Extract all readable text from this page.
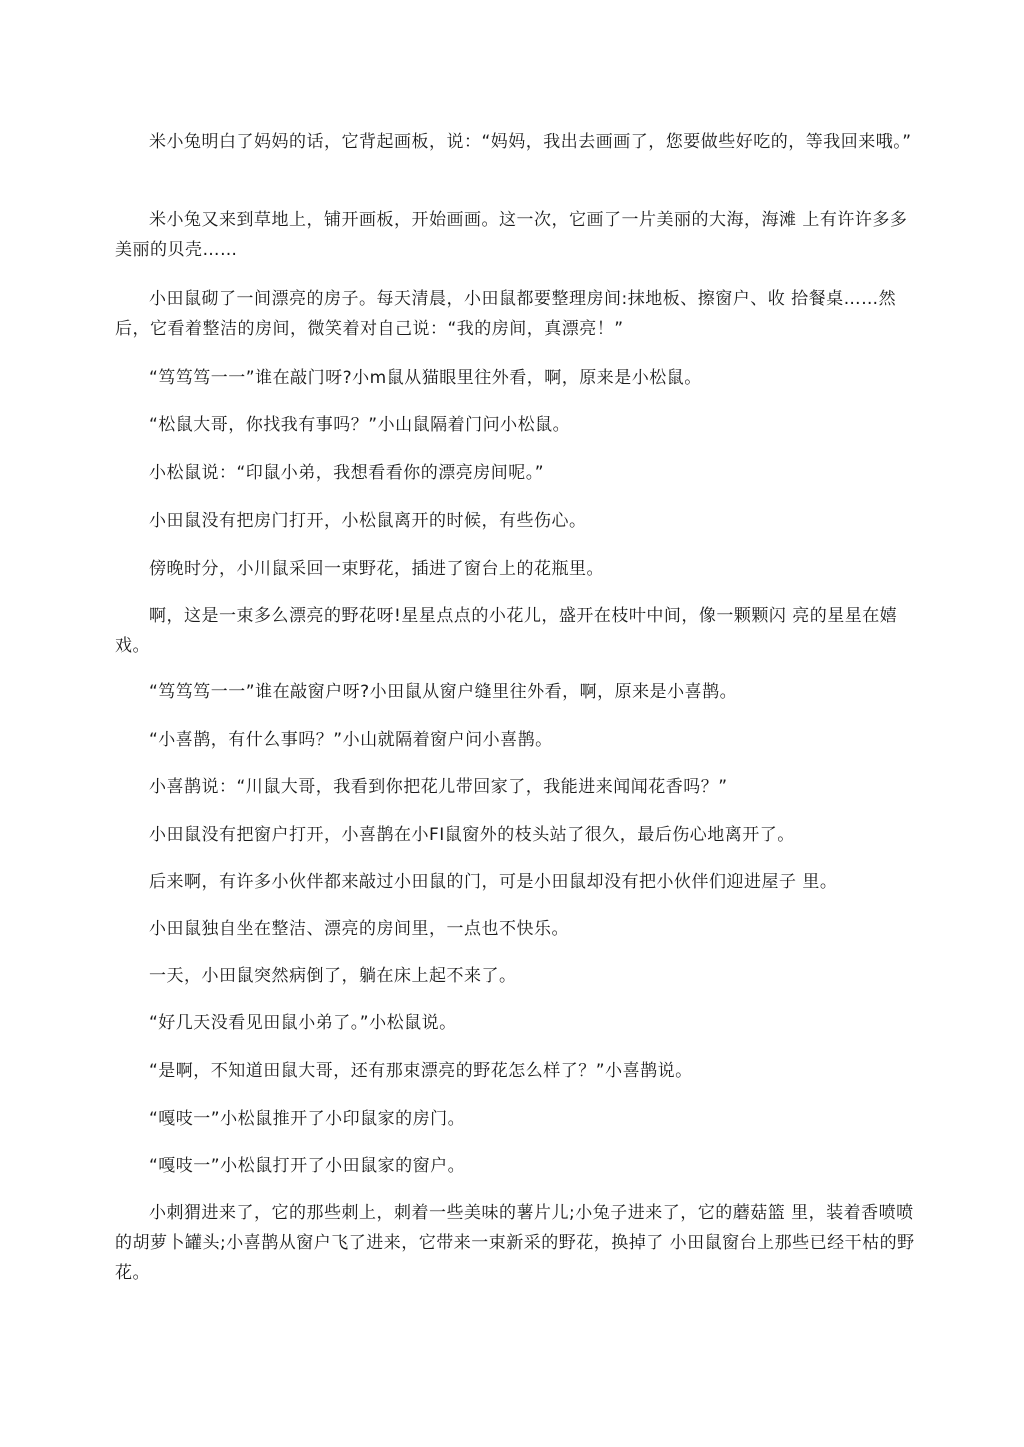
米小兔明白了妈妈的话，它背起画板，说：“妈妈，我出去画画了，您要做些好吃的，等我回来哦。”

米小兔又来到草地上，铺开画板，开始画画。这一次，它画了一片美丽的大海，海滩 上有许许多多美丽的贝壳……

小田鼠砌了一间漂亮的房子。每天清晨，小田鼠都要整理房间:抹地板、擦窗户、收 拾餐桌……然后，它看着整洁的房间，微笑着对自己说：“我的房间，真漂亮！”

“笃笃笃一一”谁在敲门呀?小m鼠从猫眼里往外看，啊，原来是小松鼠。

“松鼠大哥，你找我有事吗？”小山鼠隔着门问小松鼠。

小松鼠说：“印鼠小弟，我想看看你的漂亮房间呢。”

小田鼠没有把房门打开，小松鼠离开的时候，有些伤心。

傍晚时分，小川鼠采回一束野花，插进了窗台上的花瓶里。

啊，这是一束多么漂亮的野花呀!星星点点的小花儿，盛开在枝叶中间，像一颗颗闪 亮的星星在嬉戏。

“笃笃笃一一”谁在敲窗户呀?小田鼠从窗户缝里往外看，啊，原来是小喜鹊。

“小喜鹊，有什么事吗？”小山就隔着窗户问小喜鹊。

小喜鹊说：“川鼠大哥，我看到你把花儿带回家了，我能进来闻闻花香吗？”

小田鼠没有把窗户打开，小喜鹊在小FI鼠窗外的枝头站了很久，最后伤心地离开了。

后来啊，有许多小伙伴都来敲过小田鼠的门，可是小田鼠却没有把小伙伴们迎进屋子 里。

小田鼠独自坐在整洁、漂亮的房间里，一点也不快乐。

一天，小田鼠突然病倒了，躺在床上起不来了。

“好几天没看见田鼠小弟了。”小松鼠说。

“是啊，不知道田鼠大哥，还有那束漂亮的野花怎么样了？”小喜鹊说。

“嘎吱一”小松鼠推开了小印鼠家的房门。

“嘎吱一”小松鼠打开了小田鼠家的窗户。

小刺猬进来了，它的那些刺上，刺着一些美味的薯片儿;小兔子进来了，它的蘑菇篮 里，装着香喷喷的胡萝卜罐头;小喜鹊从窗户飞了进来，它带来一束新采的野花，换掉了 小田鼠窗台上那些已经干枯的野花。
